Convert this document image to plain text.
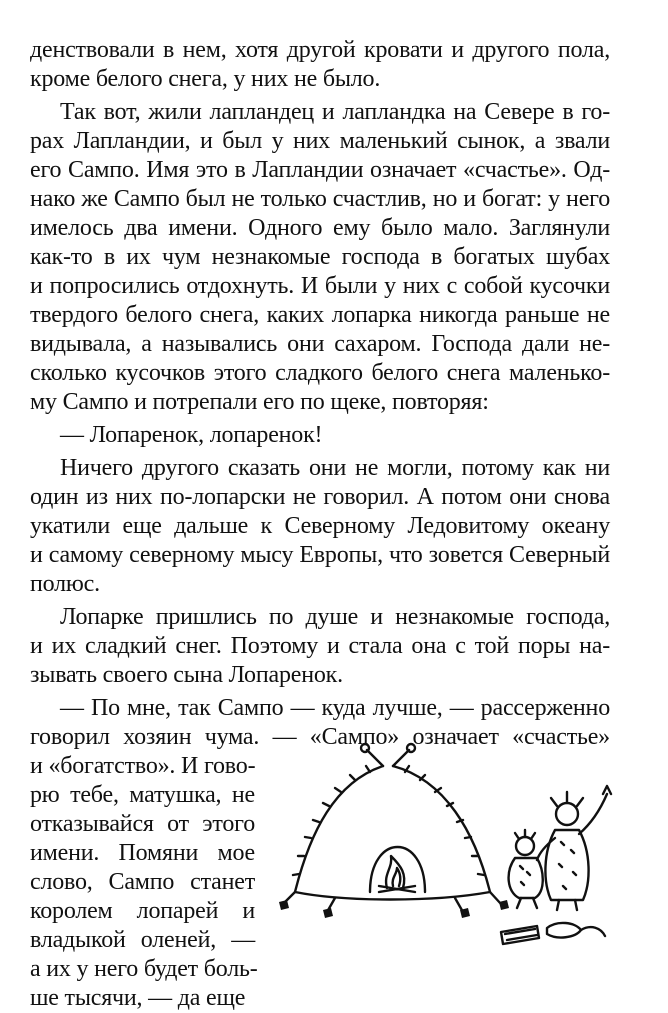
денствовали в нем, хотя другой кровати и другого пола,
кроме белого снега, у них не было.
Так вот, жили лапландец и лапландка на Севере в го-
рах Лапландии, и был у них маленький сынок, а звали
его Сампо. Имя это в Лапландии означает «счастье». Од-
нако же Сампо был не только счастлив, но и богат: у него
имелось два имени. Одного ему было мало. Заглянули
как-то в их чум незнакомые господа в богатых шубах
и попросились отдохнуть. И были у них с собой кусочки
твердого белого снега, каких лопарка никогда раньше не
видывала, а назывались они сахаром. Господа дали не-
сколько кусочков этого сладкого белого снега маленько-
му Сампо и потрепали его по щеке, повторяя:
— Лопаренок, лопаренок!
Ничего другого сказать они не могли, потому как ни
один из них по-лопарски не говорил. А потом они снова
укатили еще дальше к Северному Ледовитому океану
и самому северному мысу Европы, что зовется Северный
полюс.
Лопарке пришлись по душе и незнакомые господа,
и их сладкий снег. Поэтому и стала она с той поры на-
зывать своего сына Лопаренок.
— По мне, так Сампо — куда лучше, — рассерженно
говорил хозяин чума. — «Сампо» означает «счастье»
и «богатство». И гово-
рю тебе, матушка, не
отказывайся от этого
имени. Помяни мое
слово, Сампо станет
королем лопарей и
владыкой оленей, —
а их у него будет боль-
ше тысячи, — да еще
